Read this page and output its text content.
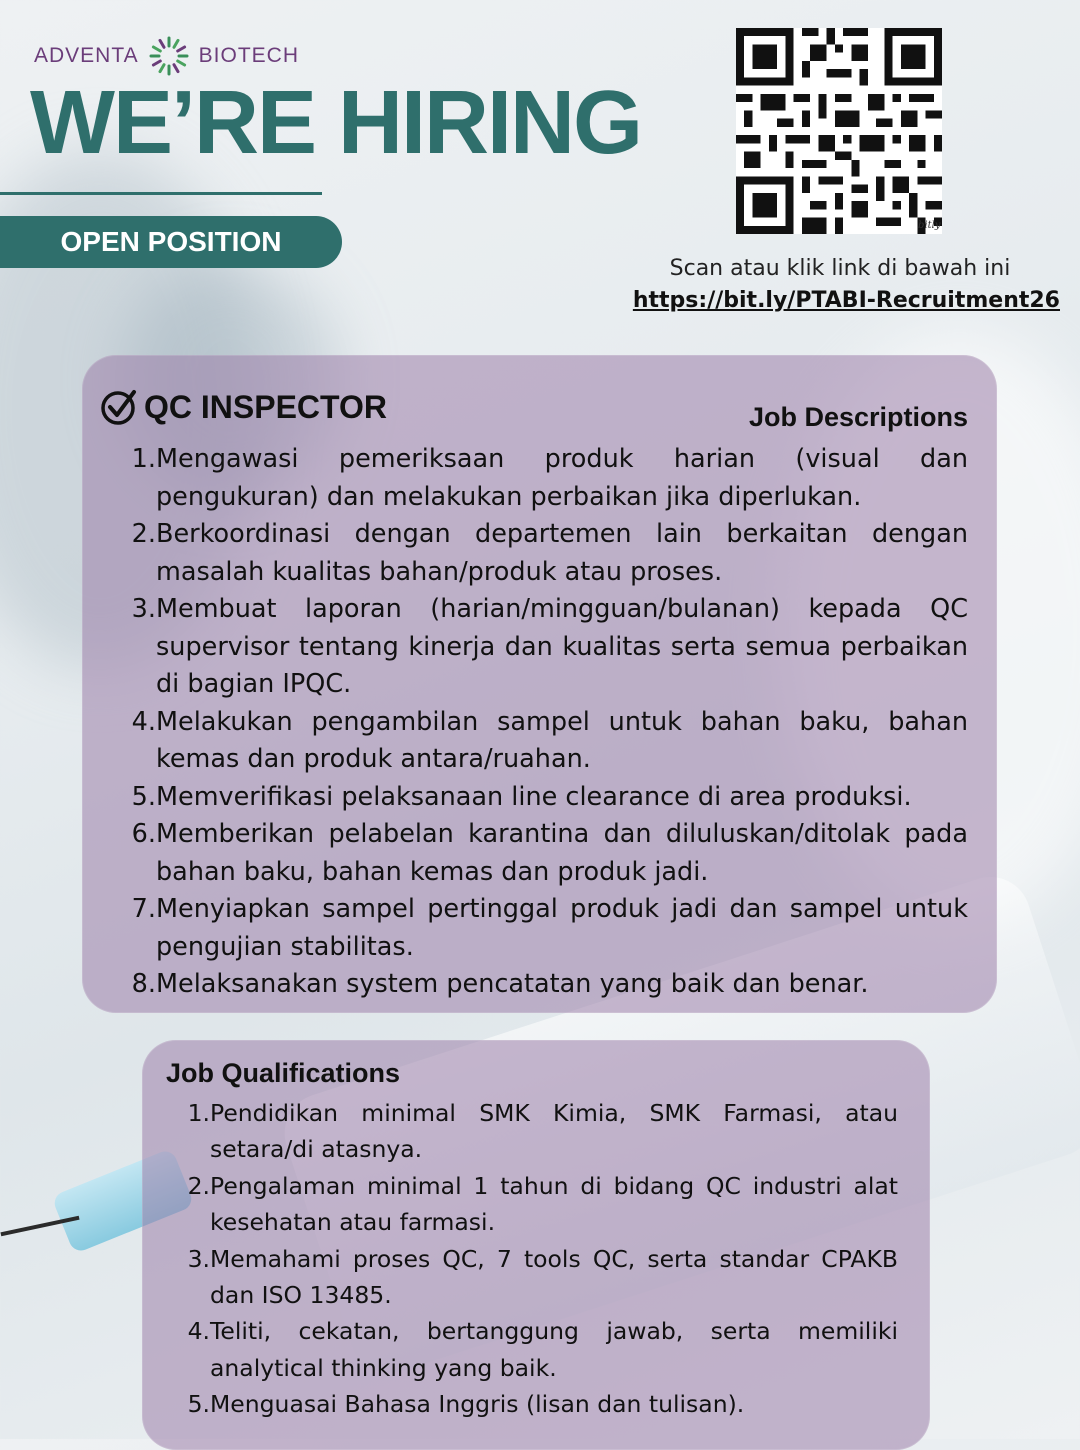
ADVENTA	BIOTECH
WE’RE HIRING
OPEN POSITION
bitly
Scan atau klik link di bawah ini
https://bit.ly/PTABI-Recruitment26
QC INSPECTOR	Job Descriptions
1. Mengawasi pemeriksaan produk harian (visual dan pengukuran) dan melakukan perbaikan jika diperlukan.
2. Berkoordinasi dengan departemen lain berkaitan dengan masalah kualitas bahan/produk atau proses.
3. Membuat laporan (harian/mingguan/bulanan) kepada QC supervisor tentang kinerja dan kualitas serta semua perbaikan di bagian IPQC.
4. Melakukan pengambilan sampel untuk bahan baku, bahan kemas dan produk antara/ruahan.
5. Memverifikasi pelaksanaan line clearance di area produksi.
6. Memberikan pelabelan karantina dan diluluskan/ditolak pada bahan baku, bahan kemas dan produk jadi.
7. Menyiapkan sampel pertinggal produk jadi dan sampel untuk pengujian stabilitas.
8. Melaksanakan system pencatatan yang baik dan benar.
Job Qualifications
1. Pendidikan minimal SMK Kimia, SMK Farmasi, atau setara/di atasnya.
2. Pengalaman minimal 1 tahun di bidang QC industri alat kesehatan atau farmasi.
3. Memahami proses QC, 7 tools QC, serta standar CPAKB dan ISO 13485.
4. Teliti, cekatan, bertanggung jawab, serta memiliki analytical thinking yang baik.
5. Menguasai Bahasa Inggris (lisan dan tulisan).
